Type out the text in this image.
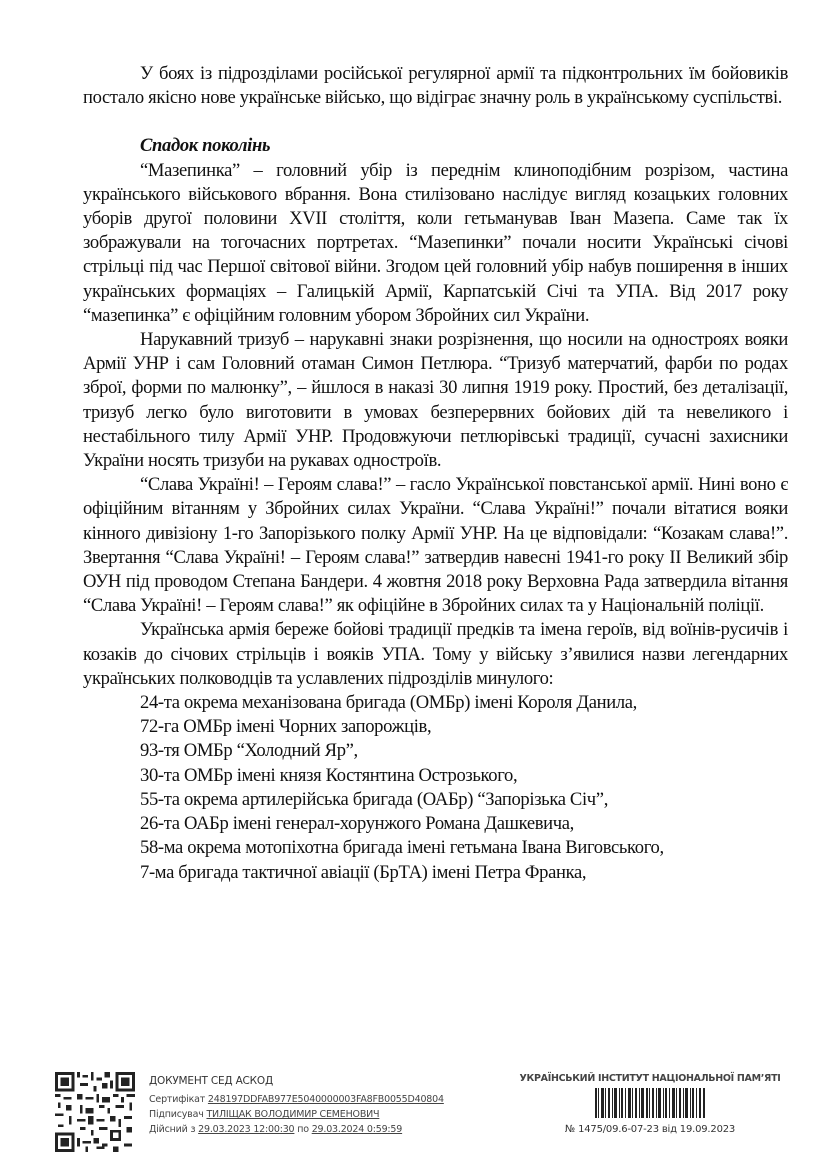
У боях із підрозділами російської регулярної армії та підконтрольних їм бойовиків постало якісно нове українське військо, що відіграє значну роль в українському суспільстві.

Спадок поколінь

“Мазепинка” – головний убір із переднім клиноподібним розрізом, частина українського військового вбрання. Вона стилізовано наслідує вигляд козацьких головних уборів другої половини XVII століття, коли гетьманував Іван Мазепа. Саме так їх зображували на тогочасних портретах. “Мазепинки” почали носити Українські січові стрільці під час Першої світової війни. Згодом цей головний убір набув поширення в інших українських формаціях – Галицькій Армії, Карпатській Січі та УПА. Від 2017 року “мазепинка” є офіційним головним убором Збройних сил України.

Нарукавний тризуб – нарукавні знаки розрізнення, що носили на одностроях вояки Армії УНР і сам Головний отаман Симон Петлюра. “Тризуб матерчатий, фарби по родах зброї, форми по малюнку”, – йшлося в наказі 30 липня 1919 року. Простий, без деталізації, тризуб легко було виготовити в умовах безперервних бойових дій та невеликого і нестабільного тилу Армії УНР. Продовжуючи петлюрівські традиції, сучасні захисники України носять тризуби на рукавах одностроїв.

“Слава Україні! – Героям слава!” – гасло Української повстанської армії. Нині воно є офіційним вітанням у Збройних силах України. “Слава Україні!” почали вітатися вояки кінного дивізіону 1-го Запорізького полку Армії УНР. На це відповідали: “Козакам слава!”. Звертання “Слава Україні! – Героям слава!” затвердив навесні 1941-го року ІІ Великий збір ОУН під проводом Степана Бандери. 4 жовтня 2018 року Верховна Рада затвердила вітання “Слава Україні! – Героям слава!” як офіційне в Збройних силах та у Національній поліції.

Українська армія береже бойові традиції предків та імена героїв, від воїнів-русичів і козаків до січових стрільців і вояків УПА. Тому у війську з’явилися назви легендарних українських полководців та уславлених підрозділів минулого:

24-та окрема механізована бригада (ОМБр) імені Короля Данила,

72-га ОМБр імені Чорних запорожців,

93-тя ОМБр “Холодний Яр”,

30-та ОМБр імені князя Костянтина Острозького,

55-та окрема артилерійська бригада (ОАБр) “Запорізька Січ”,

26-та ОАБр імені генерал-хорунжого Романа Дашкевича,

58-ма окрема мотопіхотна бригада імені гетьмана Івана Виговського,

7-ма бригада тактичної авіації (БрТА) імені Петра Франка,

ДОКУМЕНТ СЕД АСКОД
Сертифікат 248197DDFAB977E5040000003FA8FB0055D40804
Підписувач ТИЛІЩАК ВОЛОДИМИР СЕМЕНОВИЧ
Дійсний з 29.03.2023 12:00:30 по 29.03.2024 0:59:59
УКРАЇНСЬКИЙ ІНСТИТУТ НАЦІОНАЛЬНОЇ ПАМ’ЯТІ
№ 1475/09.6-07-23 від 19.09.2023
